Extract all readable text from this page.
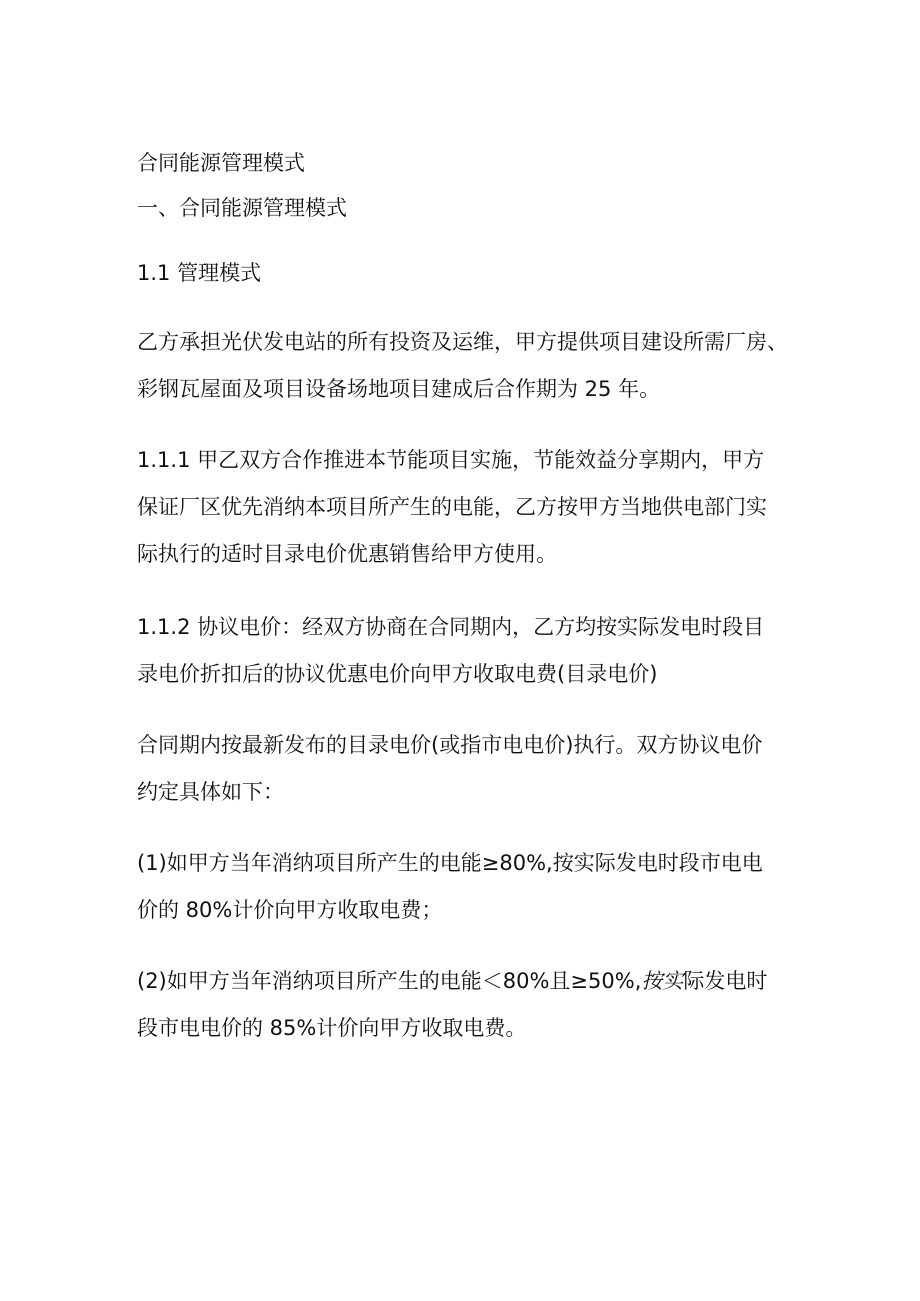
合同能源管理模式
一、合同能源管理模式
1.1 管理模式
乙方承担光伏发电站的所有投资及运维，甲方提供项目建设所需厂房、
彩钢瓦屋面及项目设备场地项目建成后合作期为 25 年。
1.1.1 甲乙双方合作推进本节能项目实施，节能效益分享期内，甲方
保证厂区优先消纳本项目所产生的电能，乙方按甲方当地供电部门实
际执行的适时目录电价优惠销售给甲方使用。
1.1.2 协议电价：经双方协商在合同期内，乙方均按实际发电时段目
录电价折扣后的协议优惠电价向甲方收取电费(目录电价)
合同期内按最新发布的目录电价(或指市电电价)执行。双方协议电价
约定具体如下：
(1)如甲方当年消纳项目所产生的电能≥80%,按实际发电时段市电电
价的 80%计价向甲方收取电费；
(2)如甲方当年消纳项目所产生的电能＜80%且≥50%,按实际发电时
段市电电价的 85%计价向甲方收取电费。
